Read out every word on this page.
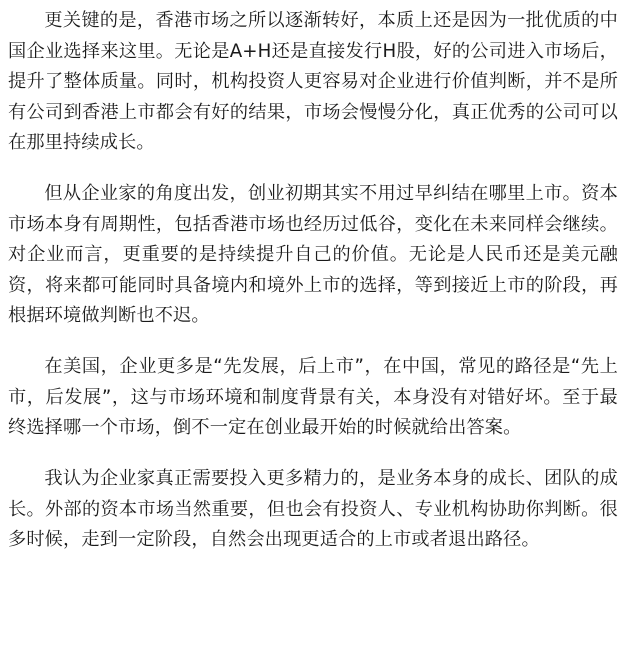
更关键的是，香港市场之所以逐渐转好，本质上还是因为一批优质的中国企业选择来这里。无论是A+H还是直接发行H股，好的公司进入市场后，提升了整体质量。同时，机构投资人更容易对企业进行价值判断，并不是所有公司到香港上市都会有好的结果，市场会慢慢分化，真正优秀的公司可以在那里持续成长。

但从企业家的角度出发，创业初期其实不用过早纠结在哪里上市。资本市场本身有周期性，包括香港市场也经历过低谷，变化在未来同样会继续。对企业而言，更重要的是持续提升自己的价值。无论是人民币还是美元融资，将来都可能同时具备境内和境外上市的选择，等到接近上市的阶段，再根据环境做判断也不迟。

在美国，企业更多是“先发展，后上市”，在中国，常见的路径是“先上市，后发展”，这与市场环境和制度背景有关，本身没有对错好坏。至于最终选择哪一个市场，倒不一定在创业最开始的时候就给出答案。

我认为企业家真正需要投入更多精力的，是业务本身的成长、团队的成长。外部的资本市场当然重要，但也会有投资人、专业机构协助你判断。很多时候，走到一定阶段，自然会出现更适合的上市或者退出路径。
